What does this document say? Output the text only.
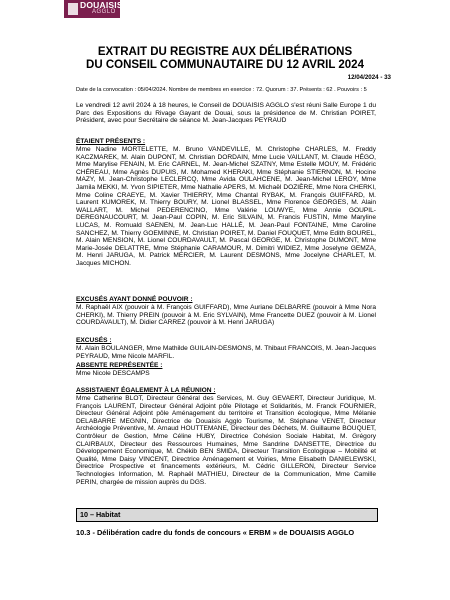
DOUAISIS
AGGLO
EXTRAIT DU REGISTRE AUX DÉLIBÉRATIONS
DU CONSEIL COMMUNAUTAIRE DU 12 AVRIL 2024
12/04/2024 - 33
Date de la convocation : 05/04/2024. Nombre de membres en exercice : 72. Quorum : 37. Présents : 62 . Pouvoirs : 5
Le vendredi 12 avril 2024 à 18 heures, le Conseil de DOUAISIS AGGLO s'est réuni Salle Europe 1 du Parc des Expositions du Rivage Gayant de Douai, sous la présidence de M. Christian POIRET, Président, avec pour Secrétaire de séance M. Jean-Jacques PEYRAUD
ÉTAIENT PRÉSENTS :
Mme Nadine MORTELETTE, M. Bruno VANDEVILLE, M. Christophe CHARLES, M. Freddy KACZMAREK, M. Alain DUPONT, M. Christian DORDAIN, Mme Lucie VAILLANT, M. Claude HÉGO, Mme Marylise FENAIN, M. Eric CARNEL, M. Jean-Michel SZATNY, Mme Estelle MOUY, M. Frédéric CHÉREAU, Mme Agnès DUPUIS, M. Mohamed KHERAKI, Mme Stéphanie STIERNON, M. Hocine MAZY, M. Jean-Christophe LECLERCQ, Mme Avida OULAHCENE, M. Jean-Michel LEROY, Mme Jamila MEKKI, M. Yvon SIPIETER, Mme Nathalie APERS, M. Michaël DOZIÈRE, Mme Nora CHERKI, Mme Coline CRAEYE, M. Xavier THIERRY, Mme Chantal RYBAK, M. François GUIFFARD, M. Laurent KUMOREK, M. Thierry BOURY, M. Lionel BLASSEL, Mme Florence GEORGES, M. Alain WALLART, M. Michel PEDERENCINO, Mme Valérie LOUWYE, Mme Annie GOUPIL-DEREGNAUCOURT, M. Jean-Paul COPIN, M. Eric SILVAIN, M. Francis FUSTIN, Mme Maryline LUCAS, M. Romuald SAENEN, M. Jean-Luc HALLÉ, M. Jean-Paul FONTAINE, Mme Caroline SANCHEZ, M. Thierry GOEMINNE, M. Christian POIRET, M. Daniel FOUQUET, Mme Edith BOUREL, M. Alain MENSION, M. Lionel COURDAVAULT, M. Pascal GEORGE, M. Christophe DUMONT, Mme Marie-Josée DELATTRE, Mme Stéphanie CARAMOUR, M. Dimitri WIDIEZ, Mme Joselyne GEMZA, M. Henri JARUGA, M. Patrick MERCIER, M. Laurent DESMONS, Mme Jocelyne CHARLET, M. Jacques MICHON.
EXCUSÉS AYANT DONNÉ POUVOIR :
M. Raphaël AIX (pouvoir à M. François GUIFFARD), Mme Auriane DELBARRE (pouvoir à Mme Nora CHERKI), M. Thierry PREIN (pouvoir à M. Eric SYLVAIN), Mme Francette DUEZ (pouvoir à M. Lionel COURDAVAULT), M. Didier CARREZ (pouvoir à M. Henri JARUGA)
EXCUSÉS :
M. Alain BOULANGER, Mme Mathilde GUILAIN-DESMONS, M. Thibaut FRANCOIS, M. Jean-Jacques PEYRAUD, Mme Nicole MARFIL.
ABSENTE REPRÉSENTÉE :
Mme Nicole DESCAMPS
ASSISTAIENT ÉGALEMENT À LA RÉUNION :
Mme Catherine BLOT, Directeur Général des Services, M. Guy GEVAERT, Directeur Juridique, M. François LAURENT, Directeur Général Adjoint pôle Pilotage et Solidarités, M. Franck FOURNIER, Directeur Général Adjoint pôle Aménagement du territoire et Transition écologique, Mme Mélanie DELABARRE MEGNIN, Directrice de Douaisis Agglo Tourisme, M. Stéphane VENET, Directeur Archéologie Préventive, M. Arnaud HOUTTEMANE, Directeur des Déchets, M. Guillaume BOUQUET, Contrôleur de Gestion, Mme Céline HUBY, Directrice Cohésion Sociale Habitat, M. Grégory CLAIRBAUX, Directeur des Ressources Humaines, Mme Sandrine DANSETTE, Directrice du Développement Economique, M. Chékib BEN SMIDA, Directeur Transition Ecologique – Mobilité et Qualité, Mme Daisy VINCENT, Directrice Aménagement et Voiries, Mme Elisabeth DANIELEWSKI, Directrice Prospective et financements extérieurs, M. Cédric GILLERON, Directeur Service Technologies Information, M. Raphaël MATHIEU, Directeur de la Communication, Mme Camille PERIN, chargée de mission auprès du DGS.
10 – Habitat
10.3 - Délibération cadre du fonds de concours « ERBM » de DOUAISIS AGGLO
